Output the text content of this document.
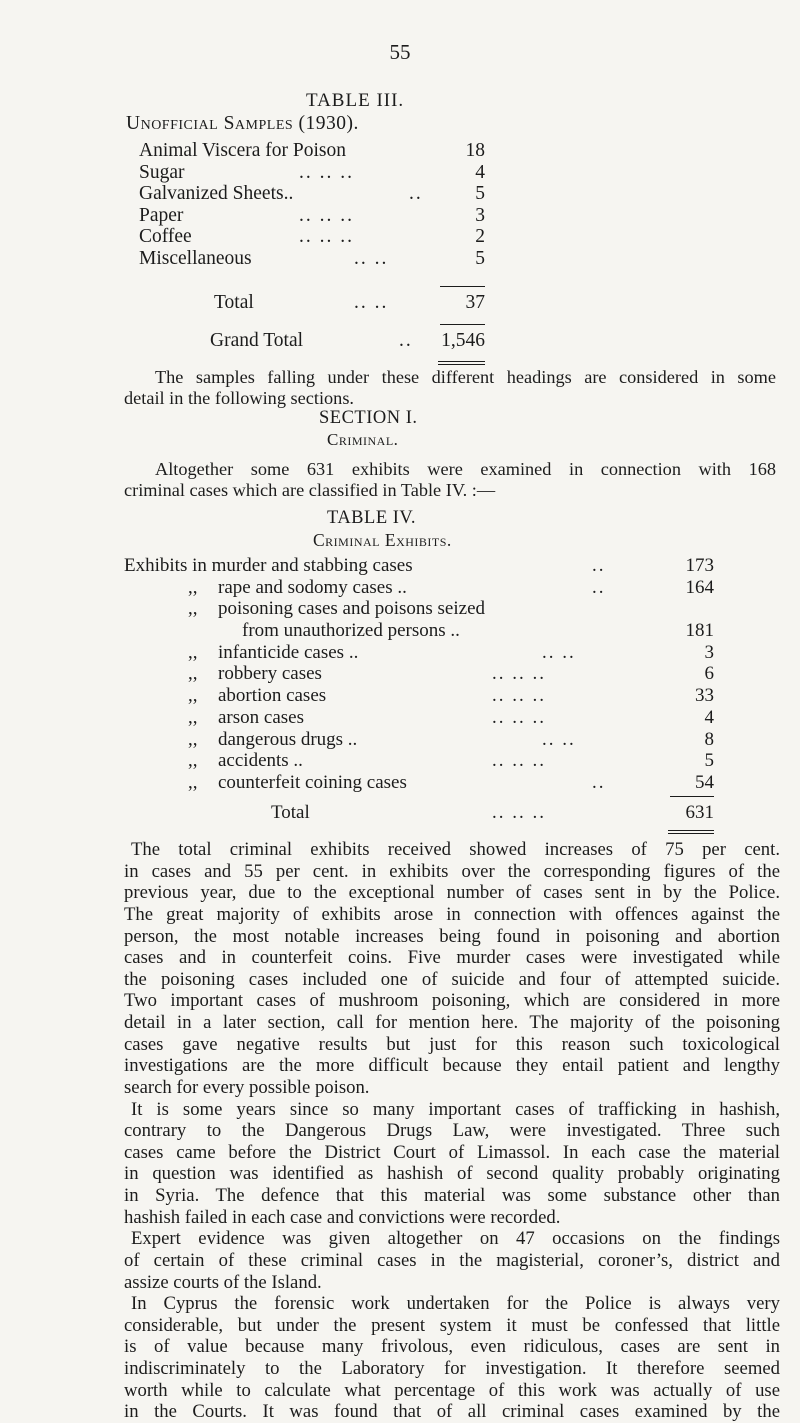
55
TABLE III.
Unofficial Samples (1930).
Animal Viscera for Poison	18
Sugar	.. .. ..	4
Galvanized Sheets..	..	5
Paper	.. .. ..	3
Coffee	.. .. ..	2
Miscellaneous	.. ..	5
Total	.. ..	37
Grand Total	.. 1,546
The samples falling under these different headings are considered in some
detail in the following sections.
SECTION I.
Criminal.
Altogether some 631 exhibits were examined in connection with 168
criminal cases which are classified in Table IV. :—
TABLE IV.
Criminal Exhibits.
Exhibits in murder and stabbing cases	..	173
,, rape and sodomy cases ..	..	164
,, poisoning cases and poisons seized
from unauthorized persons ..	181
,, infanticide cases ..	.. ..	3
,, robbery cases	.. .. ..	6
,, abortion cases	.. .. ..	33
,, arson cases	.. .. ..	4
,, dangerous drugs ..	.. ..	8
,, accidents ..	.. .. ..	5
,, counterfeit coining cases	..	54
Total	.. .. ..	631
The total criminal exhibits received showed increases of 75 per cent.
in cases and 55 per cent. in exhibits over the corresponding figures of the
previous year, due to the exceptional number of cases sent in by the Police.
The great majority of exhibits arose in connection with offences against the
person, the most notable increases being found in poisoning and abortion
cases and in counterfeit coins. Five murder cases were investigated while
the poisoning cases included one of suicide and four of attempted suicide.
Two important cases of mushroom poisoning, which are considered in more
detail in a later section, call for mention here. The majority of the poisoning
cases gave negative results but just for this reason such toxicological
investigations are the more difficult because they entail patient and lengthy
search for every possible poison.
It is some years since so many important cases of trafficking in hashish,
contrary to the Dangerous Drugs Law, were investigated. Three such
cases came before the District Court of Limassol. In each case the material
in question was identified as hashish of second quality probably originating
in Syria. The defence that this material was some substance other than
hashish failed in each case and convictions were recorded.
Expert evidence was given altogether on 47 occasions on the findings
of certain of these criminal cases in the magisterial, coroner’s, district and
assize courts of the Island.
In Cyprus the forensic work undertaken for the Police is always very
considerable, but under the present system it must be confessed that little
is of value because many frivolous, even ridiculous, cases are sent in
indiscriminately to the Laboratory for investigation. It therefore seemed
worth while to calculate what percentage of this work was actually of use
in the Courts. It was found that of all criminal cases examined by the
